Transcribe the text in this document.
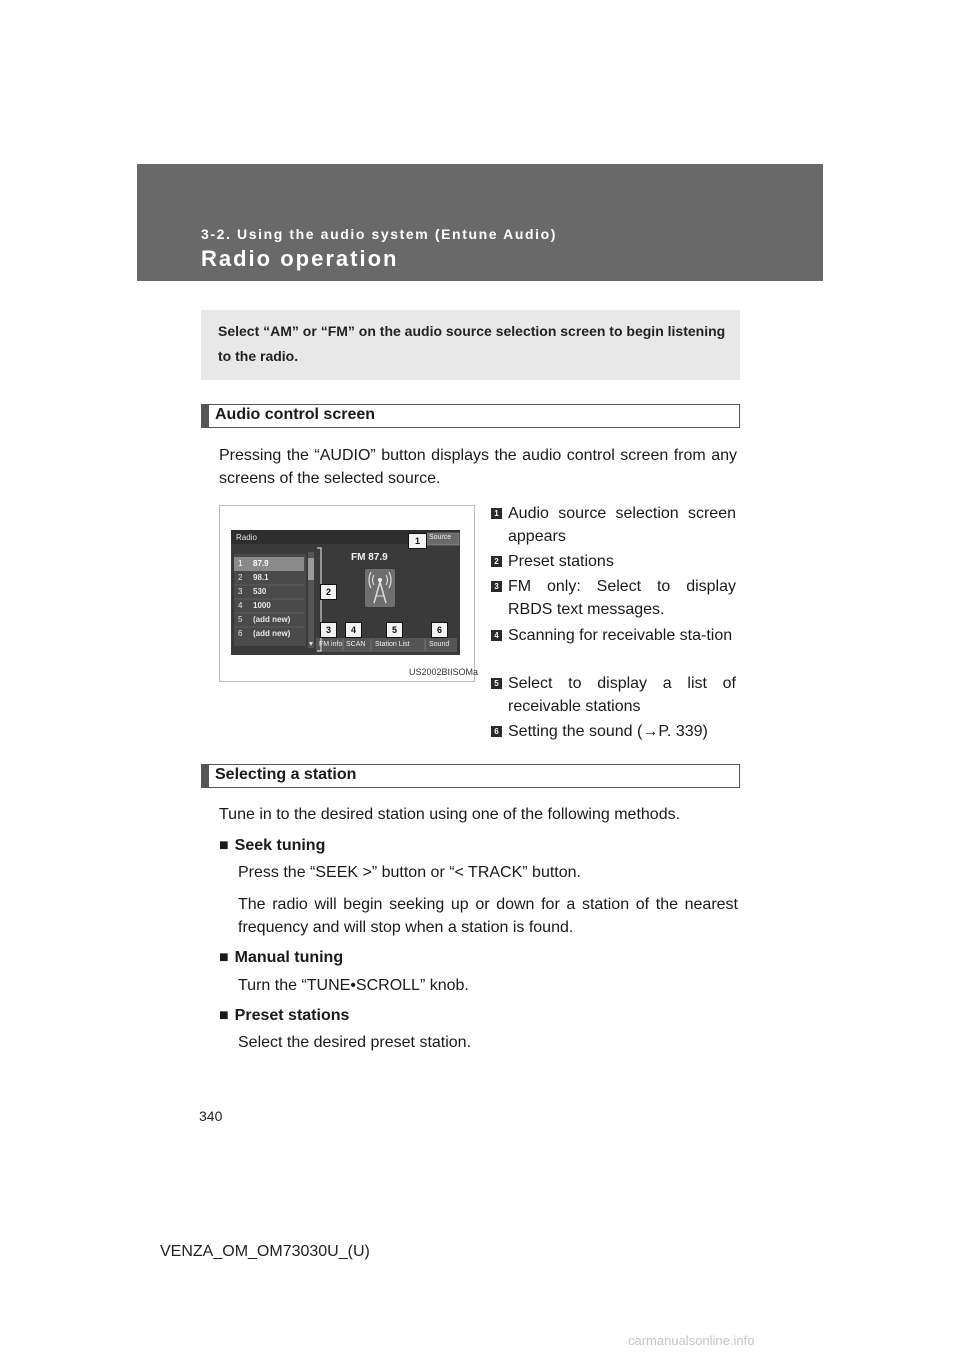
3-2. Using the audio system (Entune Audio)
Radio operation
Select “AM” or “FM” on the audio source selection screen to begin listening to the radio.
Audio control screen
Pressing the “AUDIO” button displays the audio control screen from any screens of the selected source.
Radio	Source
FM 87.9
1 87.9
2 98.1
3 530
4 1000
5 (add new)
6 (add new)
FM info SCAN Station List	Sound
1
2
3	4	5	6
US2002BIISOMa
1 Audio source selection screen appears
2 Preset stations
3 FM only: Select to display RBDS text messages.
4 Scanning for receivable sta-tion
5 Select to display a list of receivable stations
6 Setting the sound (→P. 339)
Selecting a station
Tune in to the desired station using one of the following methods.
■ Seek tuning
Press the “SEEK >” button or “< TRACK” button.
The radio will begin seeking up or down for a station of the nearest frequency and will stop when a station is found.
■ Manual tuning
Turn the “TUNE•SCROLL” knob.
■ Preset stations
Select the desired preset station.
340
VENZA_OM_OM73030U_(U)
carmanualsonline.info
